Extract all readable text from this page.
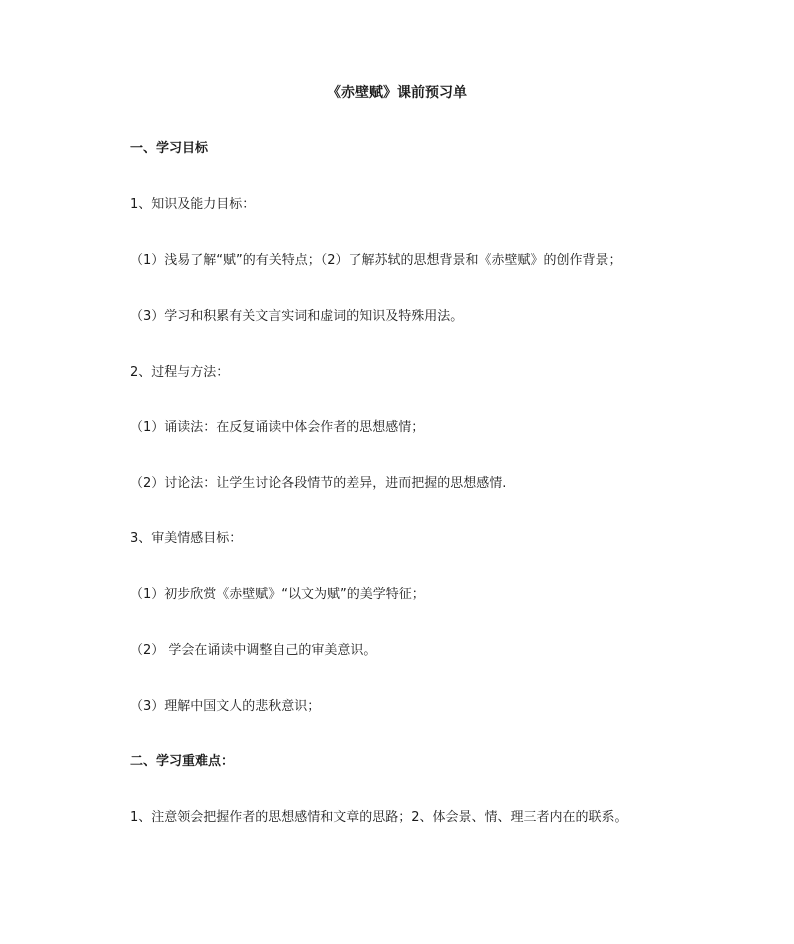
《赤壁赋》课前预习单
一、学习目标
1、知识及能力目标：
（1）浅易了解“赋”的有关特点；（2）了解苏轼的思想背景和《赤壁赋》的创作背景；
（3）学习和积累有关文言实词和虚词的知识及特殊用法。
2、过程与方法：
（1）诵读法：在反复诵读中体会作者的思想感情；
（2）讨论法：让学生讨论各段情节的差异，进而把握的思想感情.
3、审美情感目标：
（1）初步欣赏《赤壁赋》“以文为赋”的美学特征；
（2） 学会在诵读中调整自己的审美意识。
（3）理解中国文人的悲秋意识；
二、学习重难点：
1、注意领会把握作者的思想感情和文章的思路；2、体会景、情、理三者内在的联系。
